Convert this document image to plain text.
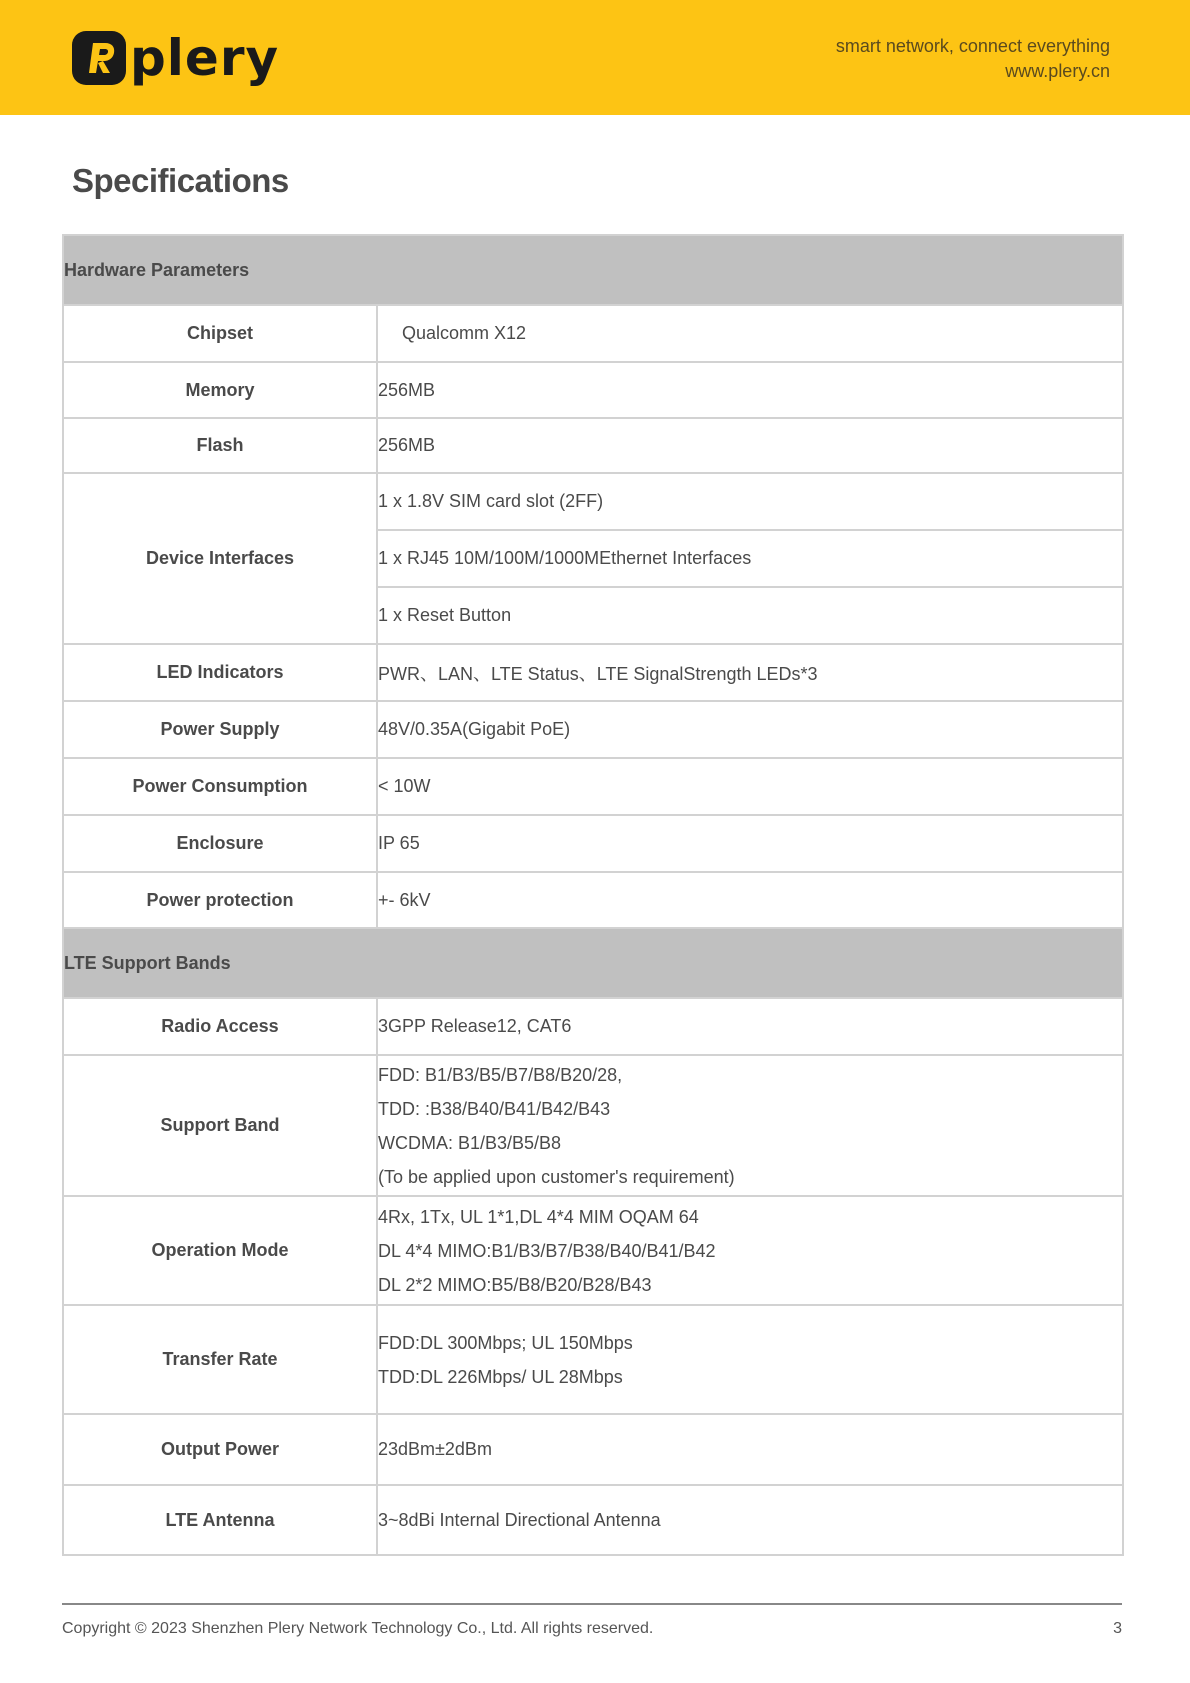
plery	smart network, connect everything
www.plery.cn
Specifications
Hardware Parameters	
Chipset	Qualcomm X12
Memory	256MB
Flash	256MB
Device Interfaces	1 x 1.8V SIM card slot (2FF)
	1 x RJ45 10M/100M/1000MEthernet Interfaces
	1 x Reset Button
LED Indicators	PWR、LAN、LTE Status、LTE SignalStrength LEDs*3
Power Supply	48V/0.35A(Gigabit PoE)
Power Consumption	< 10W
Enclosure	IP 65
Power protection	+- 6kV
LTE Support Bands	
Radio Access	3GPP Release12, CAT6
Support Band	FDD: B1/B3/B5/B7/B8/B20/28,
TDD: :B38/B40/B41/B42/B43
WCDMA: B1/B3/B5/B8
(To be applied upon customer's requirement)

Operation Mode	4Rx, 1Tx, UL 1*1,DL 4*4 MIM OQAM 64
DL 4*4 MIMO:B1/B3/B7/B38/B40/B41/B42
DL 2*2 MIMO:B5/B8/B20/B28/B43

Transfer Rate	FDD:DL 300Mbps; UL 150Mbps
TDD:DL 226Mbps/ UL 28Mbps

Output Power	23dBm±2dBm
LTE Antenna	3~8dBi Internal Directional Antenna
Copyright © 2023 Shenzhen Plery Network Technology Co., Ltd. All rights reserved.	3
